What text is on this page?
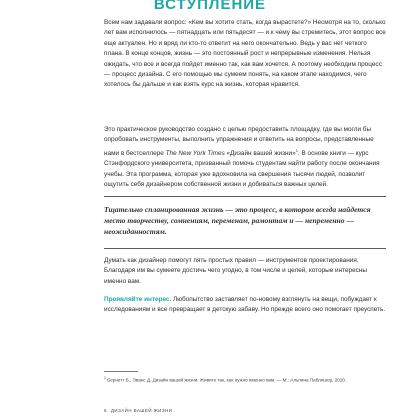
ВСТУПЛЕНИЕ

Всем нам задавали вопрос: «Кем вы хотите стать, когда вырастете?» Несмотря на то, сколько лет вам исполнилось — пятнадцать или пятьдесят — и к чему вы стремитесь, этот вопрос все еще актуален. Но и вряд ли кто-то ответит на него окончательно. Ведь у вас нет четкого плана. В конце концов, жизнь — это постоянный рост и непрерывные изменения. Нельзя ожидать, что все и всегда пойдет именно так, как вам хочется. А поэтому необходим процесс — процесс дизайна. С его помощью мы сумеем понять, на каком этапе находимся, чего хотелось бы дальше и как взять курс на жизнь, которая нравится.

Это практическое руководство создано с целью предоставить площадку, где вы могли бы опробовать инструменты, выполнить упражнения и ответить на вопросы, представленные нами в бестселлере The New York Times «Дизайн вашей жизни»$^1$. В основе книги — курс Стэнфордского университета, призванный помочь студентам найти работу после окончания учебы. Эта программа, которая уже вдохновила на свершения тысячи людей, позволит ощутить себя дизайнером собственной жизни и добиваться важных целей.

Тщательно спланированная жизнь — это процесс, в котором всегда найдется место творчеству, сомнениям, переменам, рамонтам и — непременно — неожиданностям.

Думать как дизайнер помогут пять простых правил — инструментов проектирования. Благодаря им вы сумеете достичь чего угодно, в том числе и целей, которые интересны именно вам.

Проявляйте интерес. Любопытство заставляет по-новому взглянуть на вещи, побуждает к исследованиям и все превращает в детскую забаву. Но прежде всего оно помогает преуспеть.

$^1$ Бернетт Б., Эванс Д. Дизайн вашей жизни. Живите так, как нужно именно вам. — М.: Альпина Паблишер, 2020.
6 ДИЗАЙН ВАШЕЙ ЖИЗНИ
